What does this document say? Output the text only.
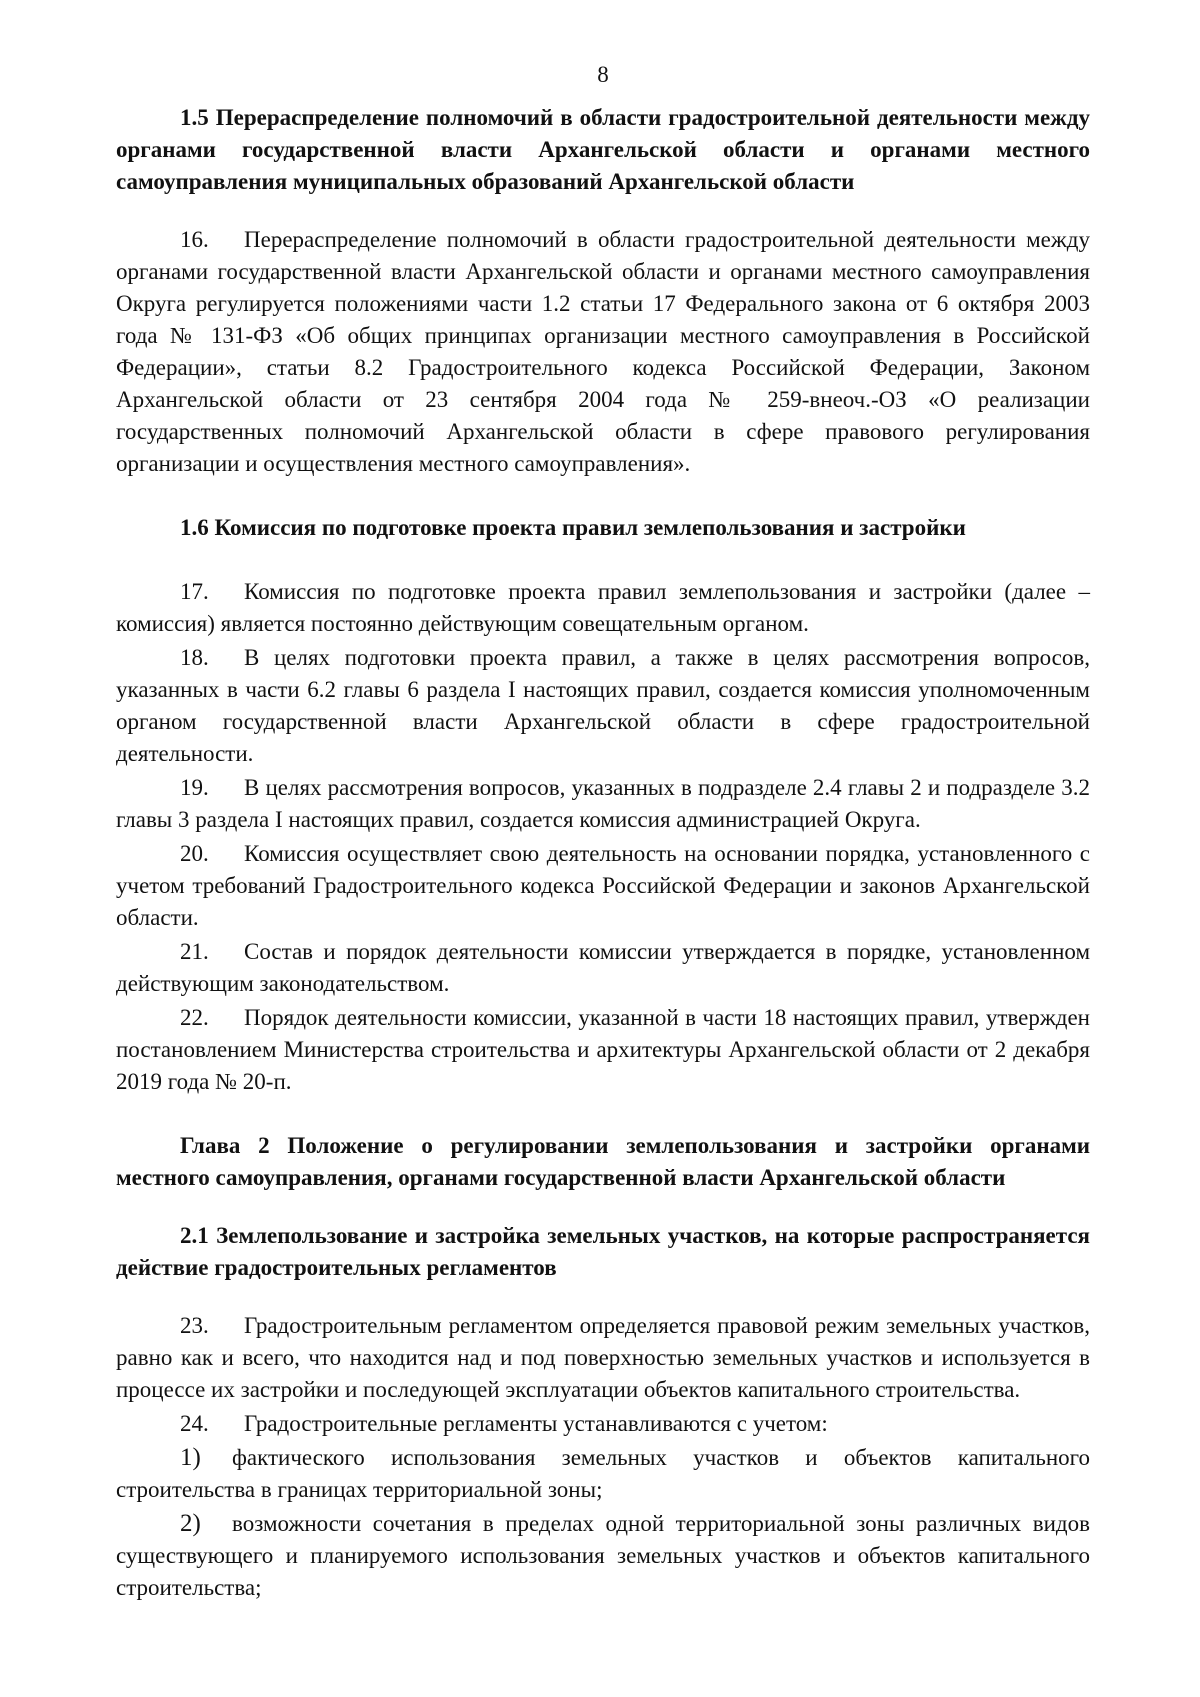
8

1.5 Перераспределение полномочий в области градостроительной деятельности между органами государственной власти Архангельской области и органами местного самоуправления муниципальных образований Архангельской области

16. Перераспределение полномочий в области градостроительной деятельности между органами государственной власти Архангельской области и органами местного самоуправления Округа регулируется положениями части 1.2 статьи 17 Федерального закона от 6 октября 2003 года № 131-ФЗ «Об общих принципах организации местного самоуправления в Российской Федерации», статьи 8.2 Градостроительного кодекса Российской Федерации, Законом Архангельской области от 23 сентября 2004 года № 259-внеоч.-ОЗ «О реализации государственных полномочий Архангельской области в сфере правового регулирования организации и осуществления местного самоуправления».

1.6 Комиссия по подготовке проекта правил землепользования и застройки

17. Комиссия по подготовке проекта правил землепользования и застройки (далее – комиссия) является постоянно действующим совещательным органом.

18. В целях подготовки проекта правил, а также в целях рассмотрения вопросов, указанных в части 6.2 главы 6 раздела I настоящих правил, создается комиссия уполномоченным органом государственной власти Архангельской области в сфере градостроительной деятельности.

19. В целях рассмотрения вопросов, указанных в подразделе 2.4 главы 2 и подразделе 3.2 главы 3 раздела I настоящих правил, создается комиссия администрацией Округа.

20. Комиссия осуществляет свою деятельность на основании порядка, установленного с учетом требований Градостроительного кодекса Российской Федерации и законов Архангельской области.

21. Состав и порядок деятельности комиссии утверждается в порядке, установленном действующим законодательством.

22. Порядок деятельности комиссии, указанной в части 18 настоящих правил, утвержден постановлением Министерства строительства и архитектуры Архангельской области от 2 декабря 2019 года № 20-п.

Глава 2 Положение о регулировании землепользования и застройки органами местного самоуправления, органами государственной власти Архангельской области

2.1 Землепользование и застройка земельных участков, на которые распространяется действие градостроительных регламентов

23. Градостроительным регламентом определяется правовой режим земельных участков, равно как и всего, что находится над и под поверхностью земельных участков и используется в процессе их застройки и последующей эксплуатации объектов капитального строительства.

24. Градостроительные регламенты устанавливаются с учетом:

1) фактического использования земельных участков и объектов капитального строительства в границах территориальной зоны;

2) возможности сочетания в пределах одной территориальной зоны различных видов существующего и планируемого использования земельных участков и объектов капитального строительства;
